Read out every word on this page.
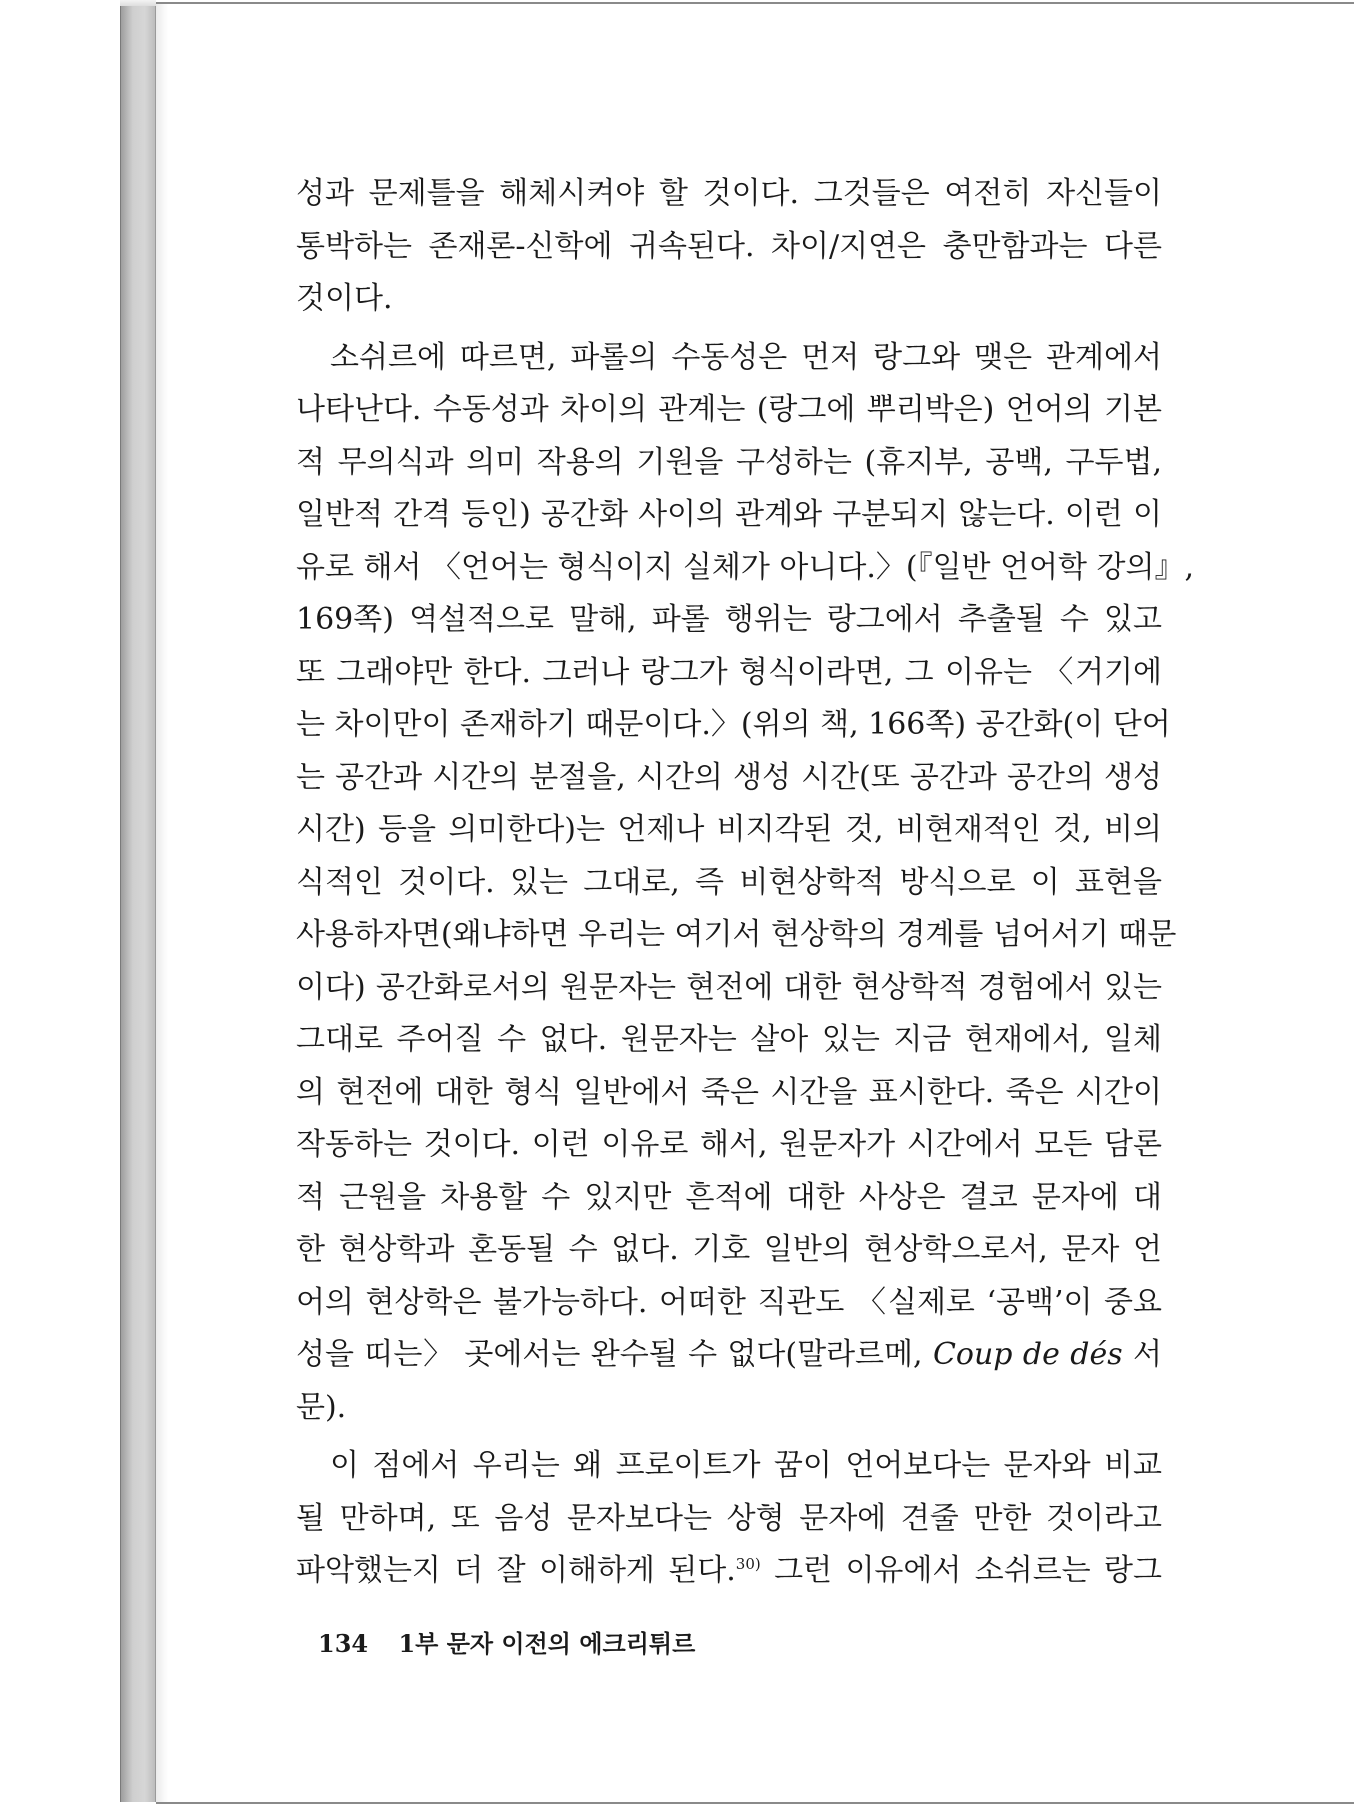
성과 문제틀을 해체시켜야 할 것이다. 그것들은 여전히 자신들이
통박하는 존재론-신학에 귀속된다. 차이/지연은 충만함과는 다른
것이다.
소쉬르에 따르면, 파롤의 수동성은 먼저 랑그와 맺은 관계에서
나타난다. 수동성과 차이의 관계는 (랑그에 뿌리박은) 언어의 기본
적 무의식과 의미 작용의 기원을 구성하는 (휴지부, 공백, 구두법,
일반적 간격 등인) 공간화 사이의 관계와 구분되지 않는다. 이런 이
유로 해서 〈언어는 형식이지 실체가 아니다.〉(『일반 언어학 강의』,
169쪽) 역설적으로 말해, 파롤 행위는 랑그에서 추출될 수 있고
또 그래야만 한다. 그러나 랑그가 형식이라면, 그 이유는 〈거기에
는 차이만이 존재하기 때문이다.〉(위의 책, 166쪽) 공간화(이 단어
는 공간과 시간의 분절을, 시간의 생성 시간(또 공간과 공간의 생성
시간) 등을 의미한다)는 언제나 비지각된 것, 비현재적인 것, 비의
식적인 것이다. 있는 그대로, 즉 비현상학적 방식으로 이 표현을
사용하자면(왜냐하면 우리는 여기서 현상학의 경계를 넘어서기 때문
이다) 공간화로서의 원문자는 현전에 대한 현상학적 경험에서 있는
그대로 주어질 수 없다. 원문자는 살아 있는 지금 현재에서, 일체
의 현전에 대한 형식 일반에서 죽은 시간을 표시한다. 죽은 시간이
작동하는 것이다. 이런 이유로 해서, 원문자가 시간에서 모든 담론
적 근원을 차용할 수 있지만 흔적에 대한 사상은 결코 문자에 대
한 현상학과 혼동될 수 없다. 기호 일반의 현상학으로서, 문자 언
어의 현상학은 불가능하다. 어떠한 직관도 〈실제로 ‘공백’이 중요
성을 띠는〉 곳에서는 완수될 수 없다(말라르메, Coup de dés 서
문).
이 점에서 우리는 왜 프로이트가 꿈이 언어보다는 문자와 비교
될 만하며, 또 음성 문자보다는 상형 문자에 견줄 만한 것이라고
파악했는지 더 잘 이해하게 된다.$^{30)}$ 그런 이유에서 소쉬르는 랑그
134 1부 문자 이전의 에크리튀르
